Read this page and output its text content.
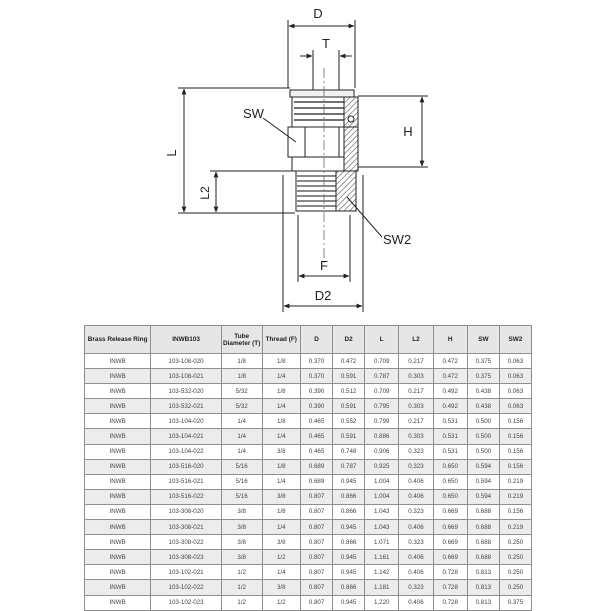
D
T
SW
H
L
L2
SW2
F
D2
Brass Release Ring	INWB103	Tube Diameter (T)	Thread (F)	D	D2	L	L2	H	SW	SW2
INWB	103-108-020	1/8	1/8	0.370	0.472	0.709	0.217	0.472	0.375	0.063
INWB	103-108-021	1/8	1/4	0.370	0.591	0.787	0.303	0.472	0.375	0.063
INWB	103-532-020	5/32	1/8	0.390	0.512	0.709	0.217	0.492	0.438	0.063
INWB	103-532-021	5/32	1/4	0.390	0.591	0.795	0.303	0.492	0.438	0.063
INWB	103-104-020	1/4	1/8	0.465	0.552	0.799	0.217	0.531	0.500	0.156
INWB	103-104-021	1/4	1/4	0.465	0.591	0.886	0.303	0.531	0.500	0.156
INWB	103-104-022	1/4	3/8	0.465	0.748	0.906	0.323	0.531	0.500	0.156
INWB	103-516-020	5/16	1/8	0.689	0.787	0.925	0.323	0.650	0.594	0.156
INWB	103-516-021	5/16	1/4	0.689	0.945	1.004	0.406	0.650	0.594	0.219
INWB	103-516-022	5/16	3/8	0.807	0.866	1.004	0.406	0.650	0.594	0.219
INWB	103-308-020	3/8	1/8	0.807	0.866	1.043	0.323	0.669	0.688	0.156
INWB	103-308-021	3/8	1/4	0.807	0.945	1.043	0.406	0.669	0.688	0.219
INWB	103-308-022	3/8	3/8	0.807	0.866	1.071	0.323	0.669	0.688	0.250
INWB	103-308-023	3/8	1/2	0.807	0.945	1.161	0.406	0.669	0.688	0.250
INWB	103-102-021	1/2	1/4	0.807	0.945	1.142	0.406	0.728	0.813	0.250
INWB	103-102-022	1/2	3/8	0.807	0.866	1.181	0.323	0.728	0.813	0.250
INWB	103-102-023	1/2	1/2	0.807	0.945	1.220	0.406	0.728	0.813	0.375
